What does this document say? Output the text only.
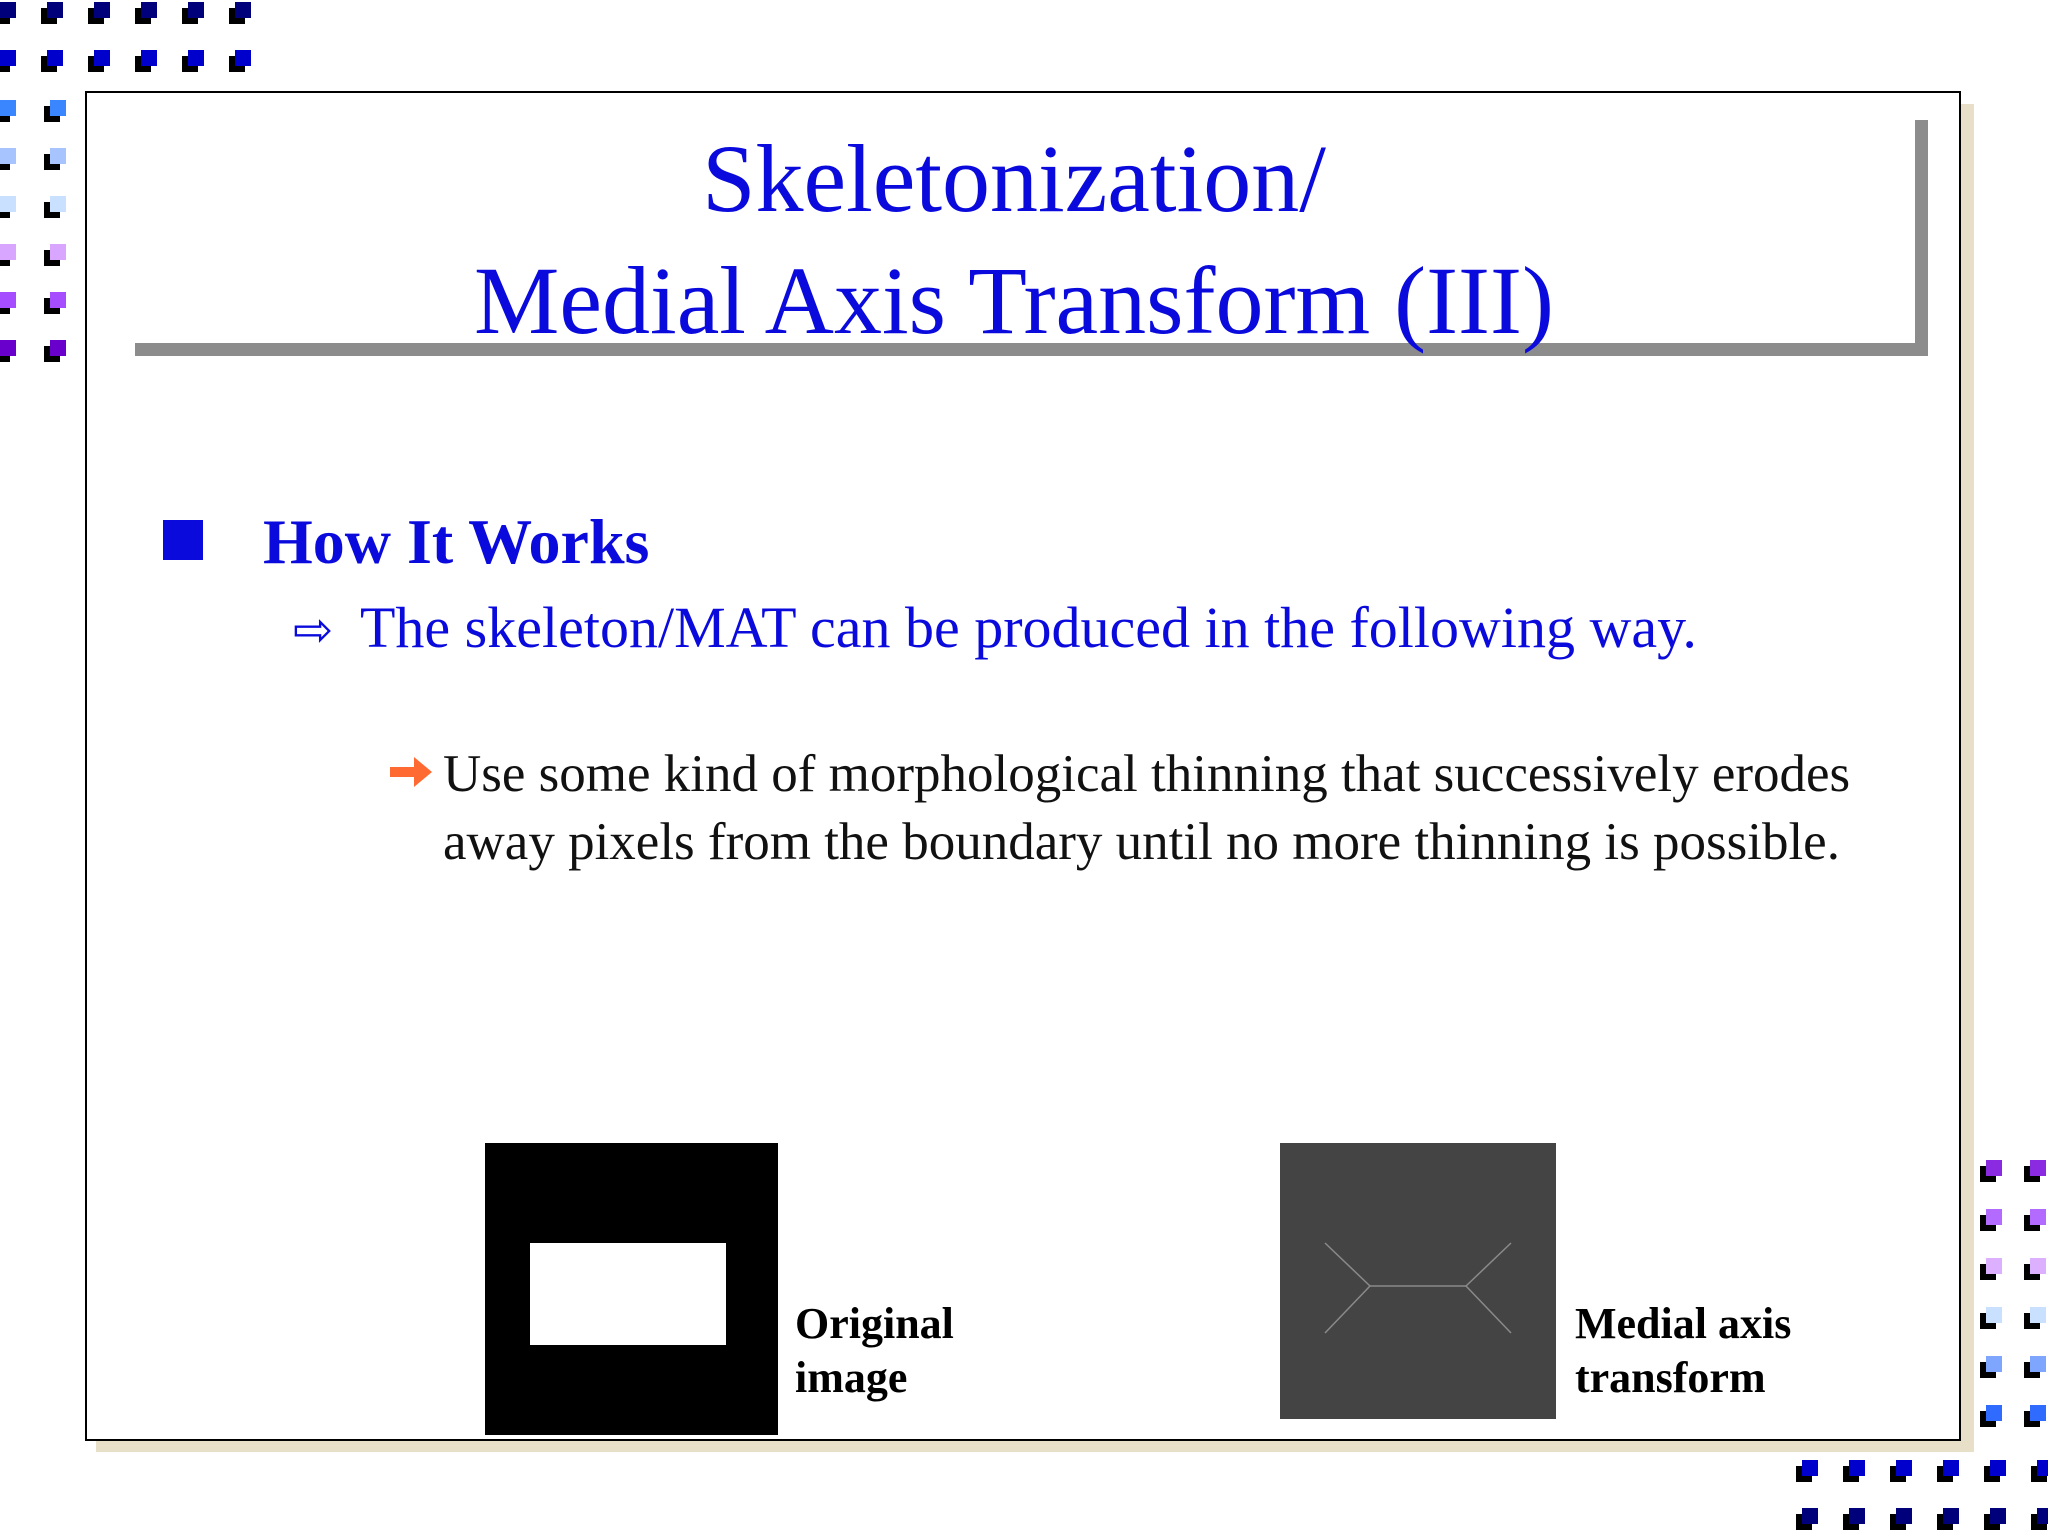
Skeletonization/
Medial Axis Transform (III)
How It Works
⇨ The skeleton/MAT can be produced in the following way.
Use some kind of morphological thinning that successively erodes away pixels from the boundary until no more thinning is possible.
Original
image
Medial axis
transform
